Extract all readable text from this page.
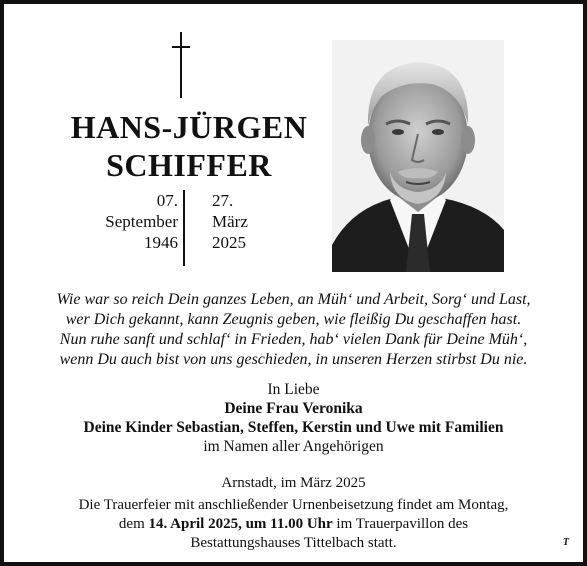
HANS-JÜRGEN
SCHIFFER
07.
September
1946
27.
März
2025
Wie war so reich Dein ganzes Leben, an Müh‘ und Arbeit, Sorg‘ und Last,
wer Dich gekannt, kann Zeugnis geben, wie fleißig Du geschaffen hast.
Nun ruhe sanft und schlaf‘ in Frieden, hab‘ vielen Dank für Deine Müh‘,
wenn Du auch bist von uns geschieden, in unseren Herzen stirbst Du nie.
In Liebe
Deine Frau Veronika
Deine Kinder Sebastian, Steffen, Kerstin und Uwe mit Familien
im Namen aller Angehörigen
Arnstadt, im März 2025
Die Trauerfeier mit anschließender Urnenbeisetzung findet am Montag,
dem 14. April 2025, um 11.00 Uhr im Trauerpavillon des
Bestattungshauses Tittelbach statt.	T
